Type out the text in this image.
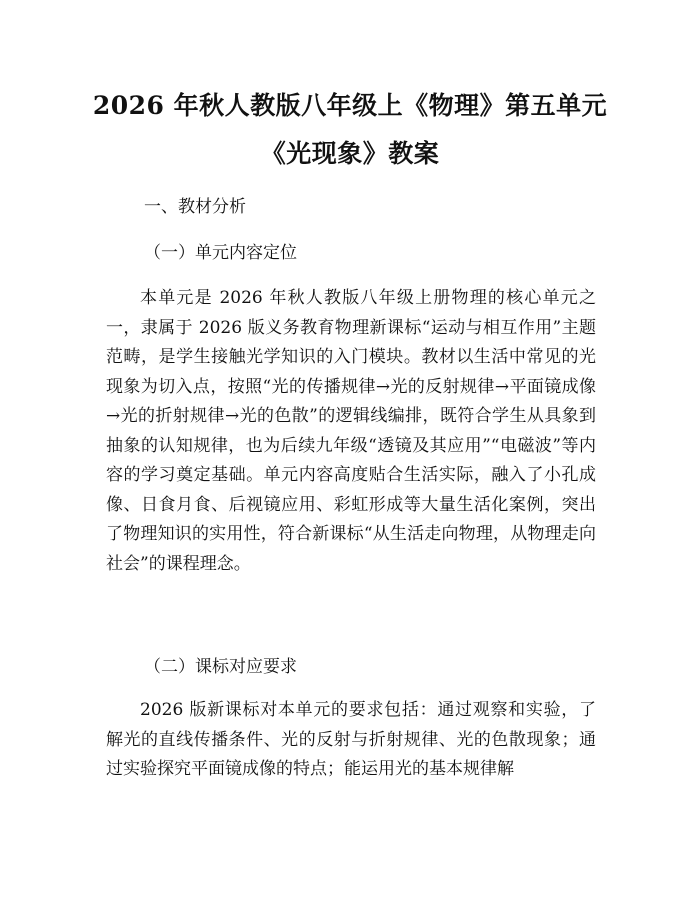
2026 年秋人教版八年级上《物理》第五单元
《光现象》教案
一、教材分析
（一）单元内容定位
本单元是 2026 年秋人教版八年级上册物理的核心单元之一，隶属于 2026 版义务教育物理新课标“运动与相互作用”主题范畴，是学生接触光学知识的入门模块。教材以生活中常见的光现象为切入点，按照“光的传播规律→光的反射规律→平面镜成像→光的折射规律→光的色散”的逻辑线编排，既符合学生从具象到抽象的认知规律，也为后续九年级“透镜及其应用”“电磁波”等内容的学习奠定基础。单元内容高度贴合生活实际，融入了小孔成像、日食月食、后视镜应用、彩虹形成等大量生活化案例，突出了物理知识的实用性，符合新课标“从生活走向物理，从物理走向社会”的课程理念。
（二）课标对应要求
2026 版新课标对本单元的要求包括：通过观察和实验，了解光的直线传播条件、光的反射与折射规律、光的色散现象；通过实验探究平面镜成像的特点；能运用光的基本规律解
